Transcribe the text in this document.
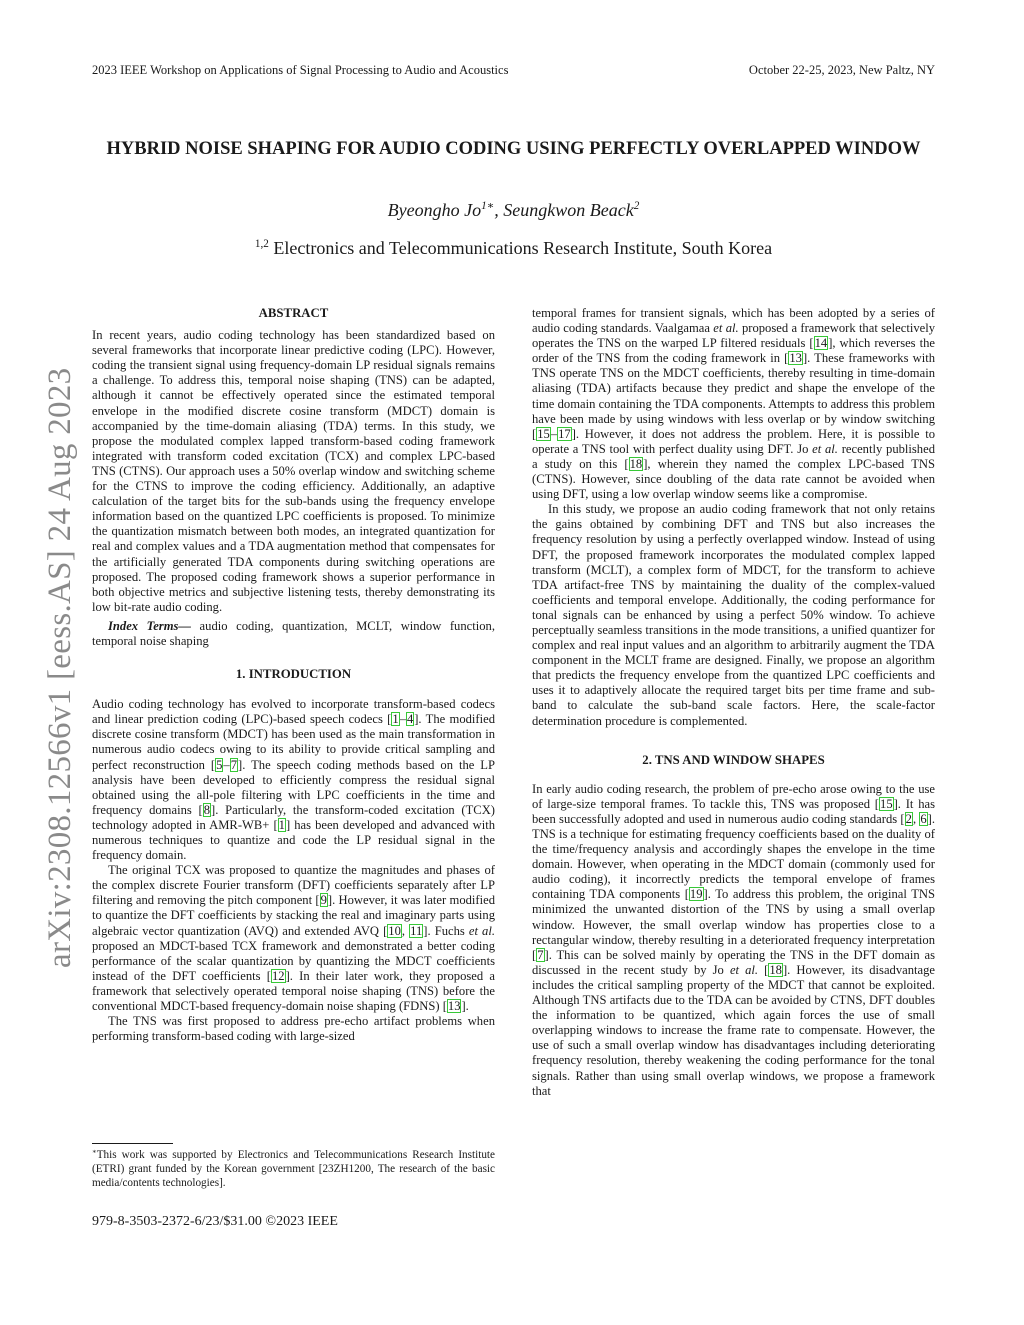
2023 IEEE Workshop on Applications of Signal Processing to Audio and Acoustics	October 22-25, 2023, New Paltz, NY
arXiv:2308.12566v1 [eess.AS] 24 Aug 2023
HYBRID NOISE SHAPING FOR AUDIO CODING USING PERFECTLY OVERLAPPED WINDOW
Byeongho $Jo^{1∗}$, Seungkwon Beack$^2$
$^{1,2}$ Electronics and Telecommunications Research Institute, South Korea
ABSTRACT

In recent years, audio coding technology has been standardized based on several frameworks that incorporate linear predictive coding (LPC). However, coding the transient signal using frequency-domain LP residual signals remains a challenge. To address this, temporal noise shaping (TNS) can be adapted, although it cannot be effectively operated since the estimated temporal envelope in the modified discrete cosine transform (MDCT) domain is accompanied by the time-domain aliasing (TDA) terms. In this study, we propose the modulated complex lapped transform-based coding framework integrated with transform coded excitation (TCX) and complex LPC-based TNS (CTNS). Our approach uses a 50% overlap window and switching scheme for the CTNS to improve the coding efficiency. Additionally, an adaptive calculation of the target bits for the sub-bands using the frequency envelope information based on the quantized LPC coefficients is proposed. To minimize the quantization mismatch between both modes, an integrated quantization for real and complex values and a TDA augmentation method that compensates for the artificially generated TDA components during switching operations are proposed. The proposed coding framework shows a superior performance in both objective metrics and subjective listening tests, thereby demonstrating its low bit-rate audio coding.

Index Terms— audio coding, quantization, MCLT, window function, temporal noise shaping

1. INTRODUCTION

Audio coding technology has evolved to incorporate transform-based codecs and linear prediction coding (LPC)-based speech codecs [1–4]. The modified discrete cosine transform (MDCT) has been used as the main transformation in numerous audio codecs owing to its ability to provide critical sampling and perfect reconstruction [5–7]. The speech coding methods based on the LP analysis have been developed to efficiently compress the residual signal obtained using the all-pole filtering with LPC coefficients in the time and frequency domains [8]. Particularly, the transform-coded excitation (TCX) technology adopted in AMR-WB+ [1] has been developed and advanced with numerous techniques to quantize and code the LP residual signal in the frequency domain.

The original TCX was proposed to quantize the magnitudes and phases of the complex discrete Fourier transform (DFT) coefficients separately after LP filtering and removing the pitch component [9]. However, it was later modified to quantize the DFT coefficients by stacking the real and imaginary parts using algebraic vector quantization (AVQ) and extended AVQ [10, 11]. Fuchs et al. proposed an MDCT-based TCX framework and demonstrated a better coding performance of the scalar quantization by quantizing the MDCT coefficients instead of the DFT coefficients [12]. In their later work, they proposed a framework that selectively operated temporal noise shaping (TNS) before the conventional MDCT-based frequency-domain noise shaping (FDNS) [13].

The TNS was first proposed to address pre-echo artifact problems when performing transform-based coding with large-sized

temporal frames for transient signals, which has been adopted by a series of audio coding standards. Vaalgamaa et al. proposed a framework that selectively operates the TNS on the warped LP filtered residuals [14], which reverses the order of the TNS from the coding framework in [13]. These frameworks with TNS operate TNS on the MDCT coefficients, thereby resulting in time-domain aliasing (TDA) artifacts because they predict and shape the envelope of the time domain containing the TDA components. Attempts to address this problem have been made by using windows with less overlap or by window switching [15–17]. However, it does not address the problem. Here, it is possible to operate a TNS tool with perfect duality using DFT. Jo et al. recently published a study on this [18], wherein they named the complex LPC-based TNS (CTNS). However, since doubling of the data rate cannot be avoided when using DFT, using a low overlap window seems like a compromise.

In this study, we propose an audio coding framework that not only retains the gains obtained by combining DFT and TNS but also increases the frequency resolution by using a perfectly overlapped window. Instead of using DFT, the proposed framework incorporates the modulated complex lapped transform (MCLT), a complex form of MDCT, for the transform to achieve TDA artifact-free TNS by maintaining the duality of the complex-valued coefficients and temporal envelope. Additionally, the coding performance for tonal signals can be enhanced by using a perfect 50% window. To achieve perceptually seamless transitions in the mode transitions, a unified quantizer for complex and real input values and an algorithm to arbitrarily augment the TDA component in the MCLT frame are designed. Finally, we propose an algorithm that predicts the frequency envelope from the quantized LPC coefficients and uses it to adaptively allocate the required target bits per time frame and sub-band to calculate the sub-band scale factors. Here, the scale-factor determination procedure is complemented.

2. TNS AND WINDOW SHAPES

In early audio coding research, the problem of pre-echo arose owing to the use of large-size temporal frames. To tackle this, TNS was proposed [15]. It has been successfully adopted and used in numerous audio coding standards [2, 6]. TNS is a technique for estimating frequency coefficients based on the duality of the time/frequency analysis and accordingly shapes the envelope in the time domain. However, when operating in the MDCT domain (commonly used for audio coding), it incorrectly predicts the temporal envelope of frames containing TDA components [19]. To address this problem, the original TNS minimized the unwanted distortion of the TNS by using a small overlap window. However, the small overlap window has properties close to a rectangular window, thereby resulting in a deteriorated frequency interpretation [7]. This can be solved mainly by operating the TNS in the DFT domain as discussed in the recent study by Jo et al. [18]. However, its disadvantage includes the critical sampling property of the MDCT that cannot be exploited. Although TNS artifacts due to the TDA can be avoided by CTNS, DFT doubles the information to be quantized, which again forces the use of small overlapping windows to increase the frame rate to compensate. However, the use of such a small overlap window has disadvantages including deteriorating frequency resolution, thereby weakening the coding performance for the tonal signals. Rather than using small overlap windows, we propose a framework that

∗This work was supported by Electronics and Telecommunications Research Institute (ETRI) grant funded by the Korean government [23ZH1200, The research of the basic media/contents technologies].
979-8-3503-2372-6/23/$31.00 ©2023 IEEE
